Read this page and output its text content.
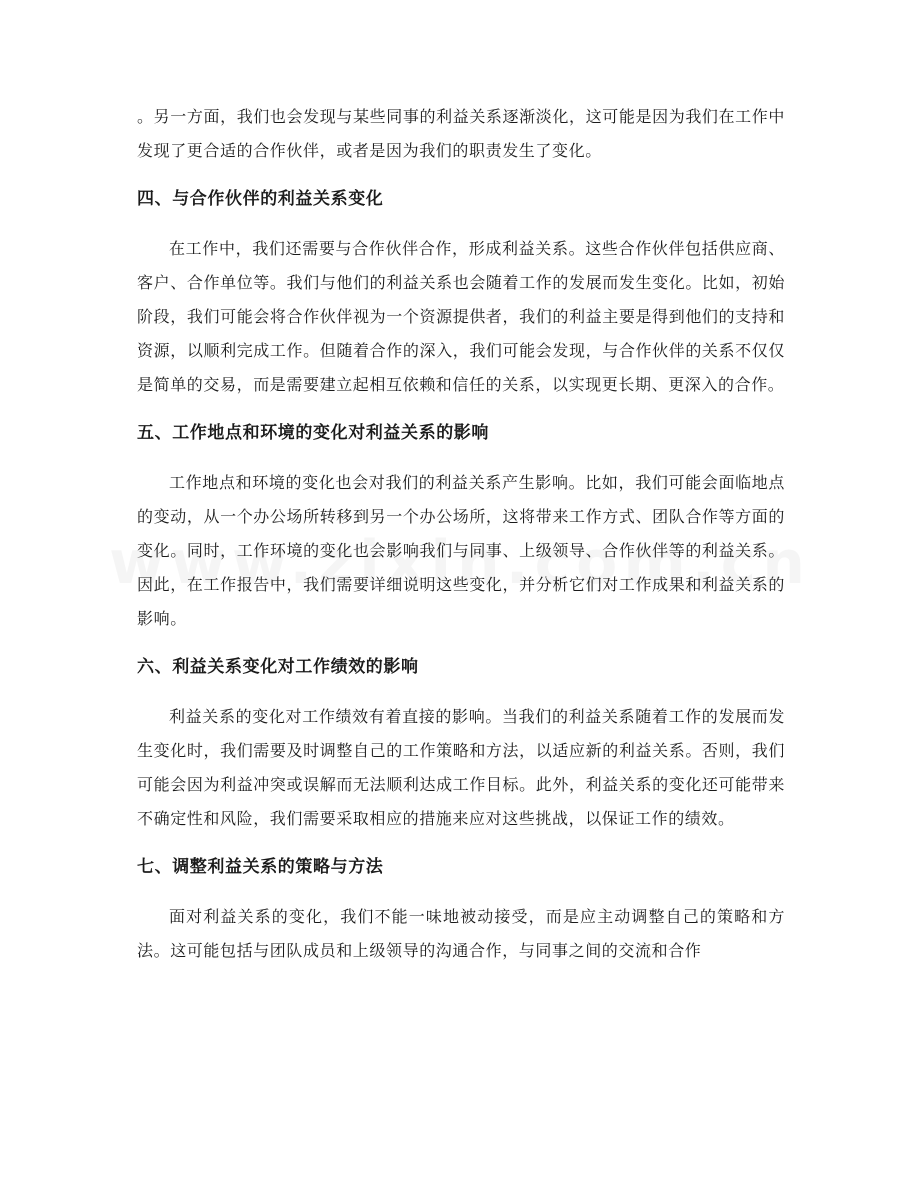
。另一方面，我们也会发现与某些同事的利益关系逐渐淡化，这可能是因为我们在工作中发现了更合适的合作伙伴，或者是因为我们的职责发生了变化。

四、与合作伙伴的利益关系变化

在工作中，我们还需要与合作伙伴合作，形成利益关系。这些合作伙伴包括供应商、客户、合作单位等。我们与他们的利益关系也会随着工作的发展而发生变化。比如，初始阶段，我们可能会将合作伙伴视为一个资源提供者，我们的利益主要是得到他们的支持和资源，以顺利完成工作。但随着合作的深入，我们可能会发现，与合作伙伴的关系不仅仅是简单的交易，而是需要建立起相互依赖和信任的关系，以实现更长期、更深入的合作。

五、工作地点和环境的变化对利益关系的影响

工作地点和环境的变化也会对我们的利益关系产生影响。比如，我们可能会面临地点的变动，从一个办公场所转移到另一个办公场所，这将带来工作方式、团队合作等方面的变化。同时，工作环境的变化也会影响我们与同事、上级领导、合作伙伴等的利益关系。因此，在工作报告中，我们需要详细说明这些变化，并分析它们对工作成果和利益关系的影响。

六、利益关系变化对工作绩效的影响

利益关系的变化对工作绩效有着直接的影响。当我们的利益关系随着工作的发展而发生变化时，我们需要及时调整自己的工作策略和方法，以适应新的利益关系。否则，我们可能会因为利益冲突或误解而无法顺利达成工作目标。此外，利益关系的变化还可能带来不确定性和风险，我们需要采取相应的措施来应对这些挑战，以保证工作的绩效。

七、调整利益关系的策略与方法

面对利益关系的变化，我们不能一味地被动接受，而是应主动调整自己的策略和方法。这可能包括与团队成员和上级领导的沟通合作，与同事之间的交流和合作
